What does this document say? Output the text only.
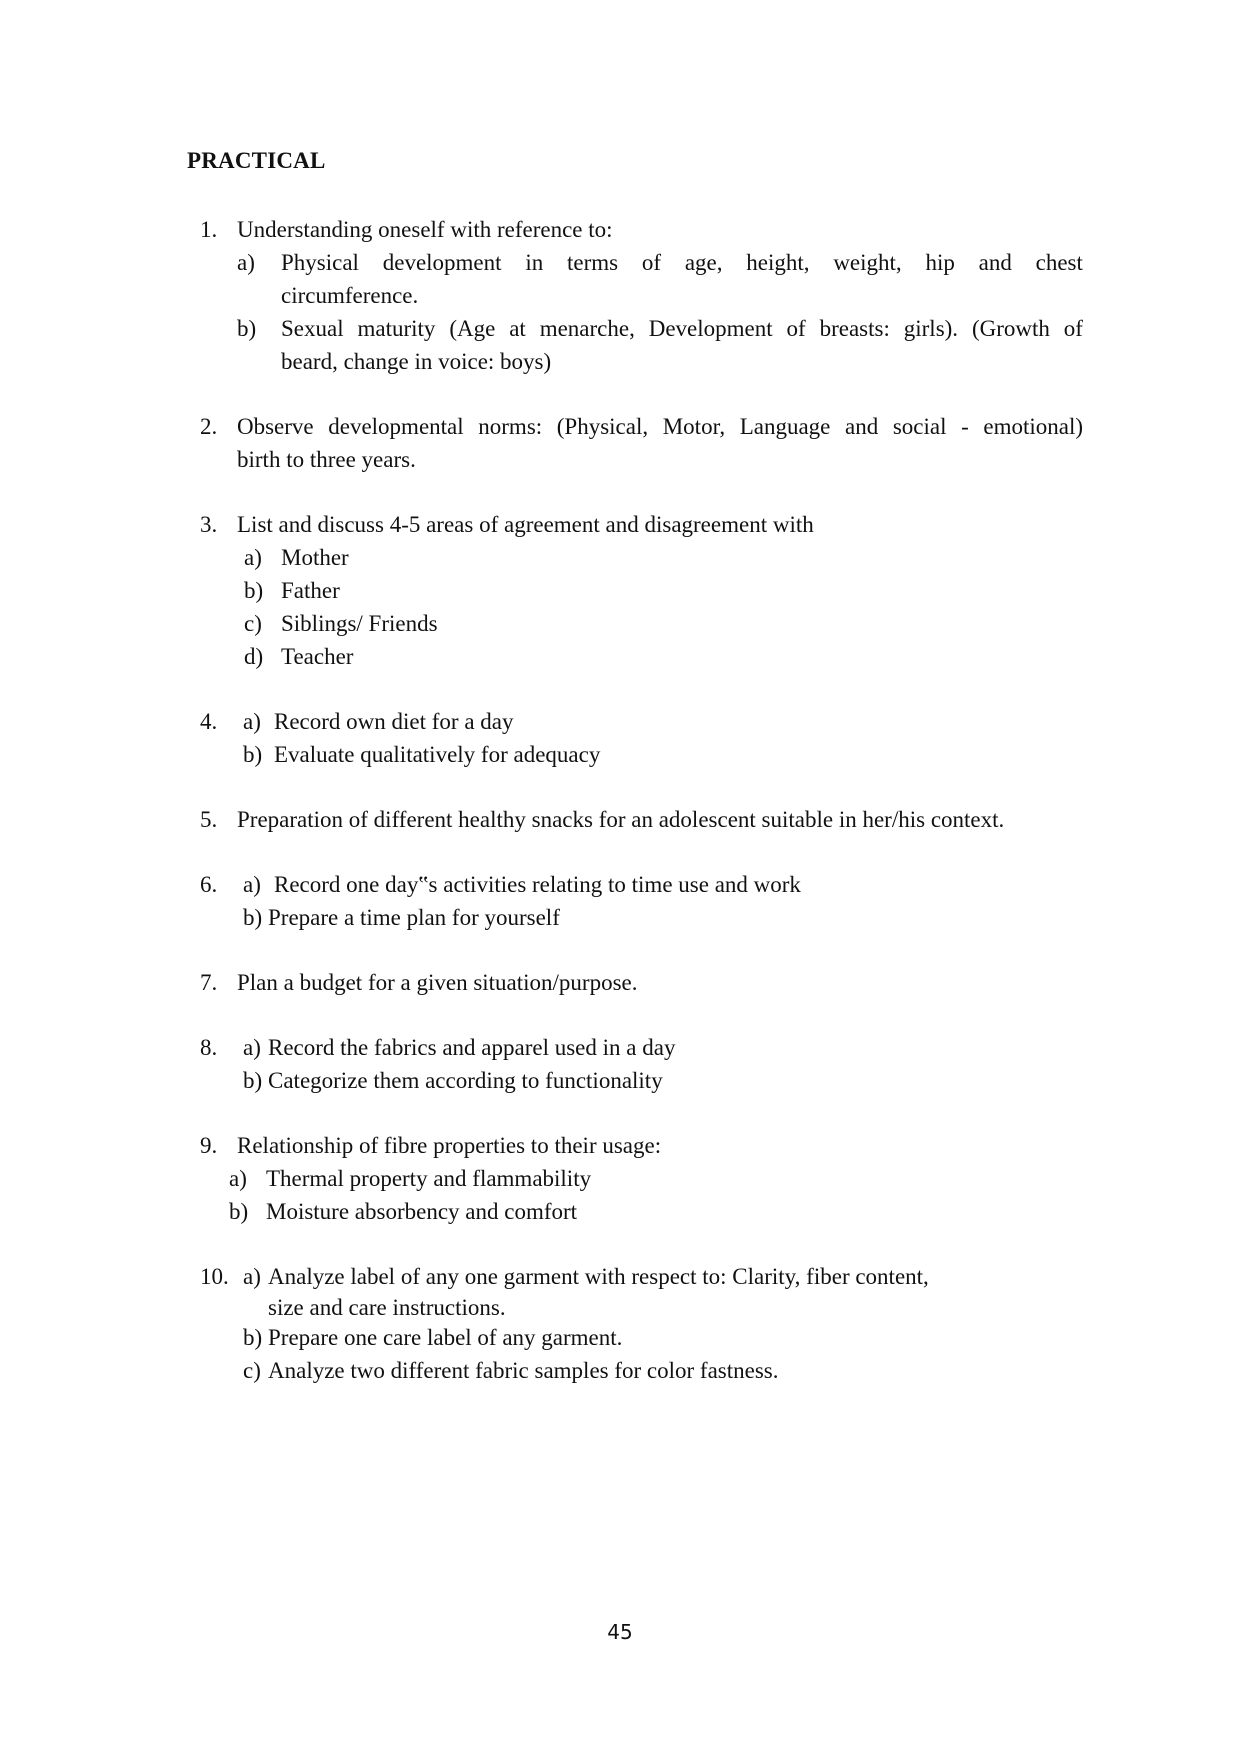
PRACTICAL
1. Understanding oneself with reference to:
a) Physical development in terms of age, height, weight, hip and chest
circumference.
b) Sexual maturity (Age at menarche, Development of breasts: girls). (Growth of
beard, change in voice: boys)
2. Observe developmental norms: (Physical, Motor, Language and social - emotional)
birth to three years.
3. List and discuss 4-5 areas of agreement and disagreement with
a) Mother
b) Father
c) Siblings/ Friends
d) Teacher
4. a) Record own diet for a day
b) Evaluate qualitatively for adequacy
5. Preparation of different healthy snacks for an adolescent suitable in her/his context.
6. a) Record one day‟s activities relating to time use and work
b) Prepare a time plan for yourself
7. Plan a budget for a given situation/purpose.
8. a) Record the fabrics and apparel used in a day
b) Categorize them according to functionality
9. Relationship of fibre properties to their usage:
a) Thermal property and flammability
b) Moisture absorbency and comfort
10. a) Analyze label of any one garment with respect to: Clarity, fiber content,
size and care instructions.
b) Prepare one care label of any garment.
c) Analyze two different fabric samples for color fastness.
45
